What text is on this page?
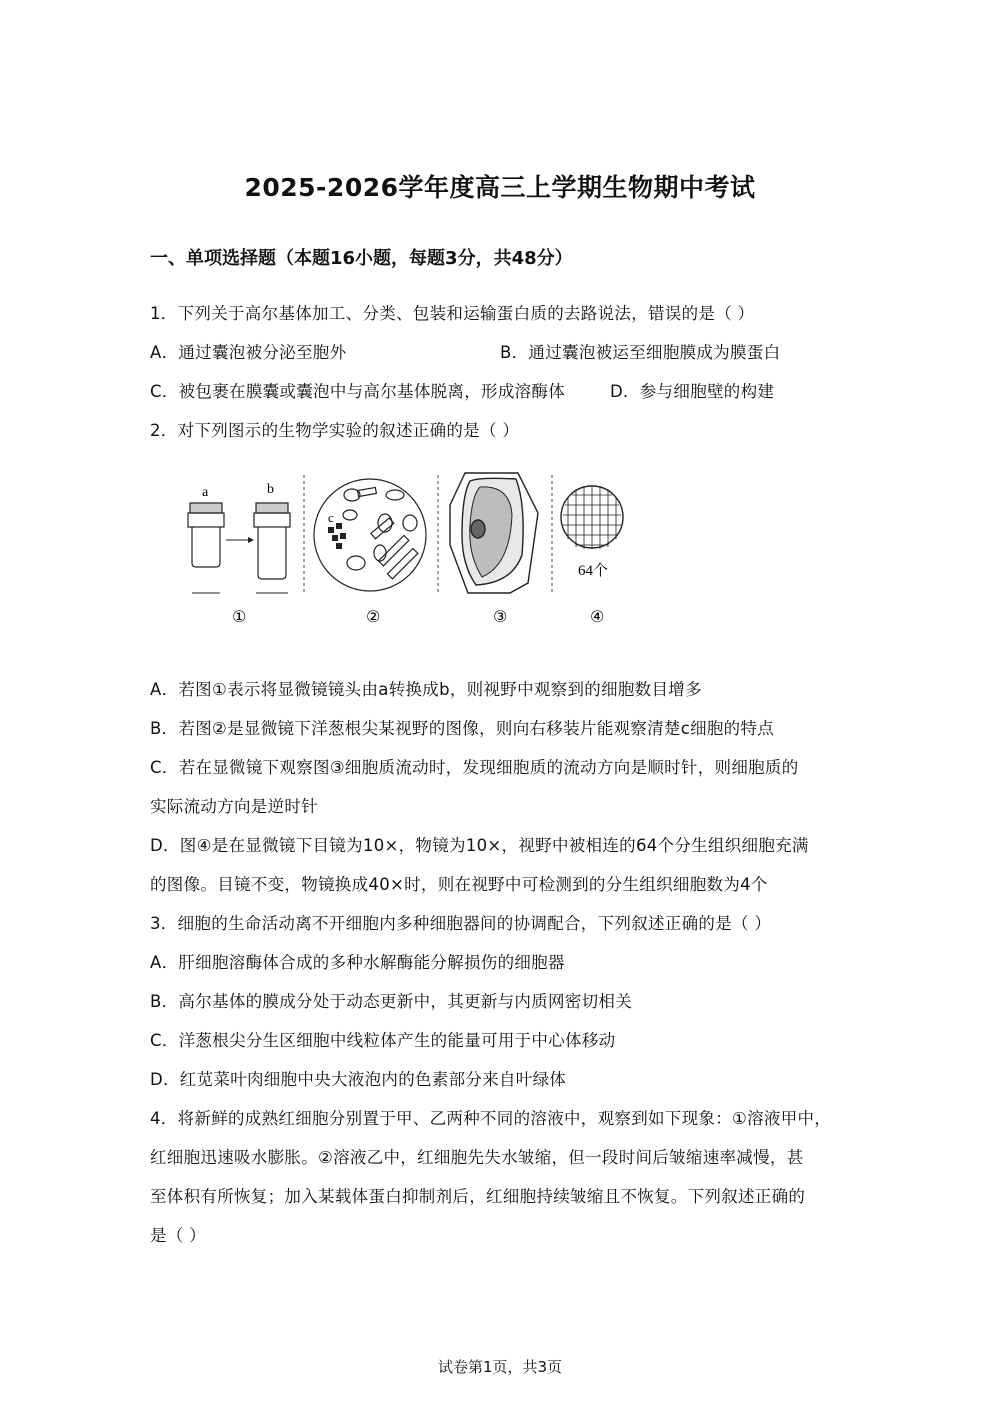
2025-2026学年度高三上学期生物期中考试
一、单项选择题（本题16小题，每题3分，共48分）
1．下列关于高尔基体加工、分类、包装和运输蛋白质的去路说法，错误的是（ ）
A．通过囊泡被分泌至胞外	B．通过囊泡被运至细胞膜成为膜蛋白
C．被包裹在膜囊或囊泡中与高尔基体脱离，形成溶酶体	D．参与细胞壁的构建
2．对下列图示的生物学实验的叙述正确的是（ ）
a	b
c
64个
①	②	③	④
A．若图①表示将显微镜镜头由a转换成b，则视野中观察到的细胞数目增多
B．若图②是显微镜下洋葱根尖某视野的图像，则向右移装片能观察清楚c细胞的特点
C．若在显微镜下观察图③细胞质流动时，发现细胞质的流动方向是顺时针，则细胞质的
实际流动方向是逆时针
D．图④是在显微镜下目镜为10×，物镜为10×，视野中被相连的64个分生组织细胞充满
的图像。目镜不变，物镜换成40×时，则在视野中可检测到的分生组织细胞数为4个
3．细胞的生命活动离不开细胞内多种细胞器间的协调配合，下列叙述正确的是（ ）
A．肝细胞溶酶体合成的多种水解酶能分解损伤的细胞器
B．高尔基体的膜成分处于动态更新中，其更新与内质网密切相关
C．洋葱根尖分生区细胞中线粒体产生的能量可用于中心体移动
D．红苋菜叶肉细胞中央大液泡内的色素部分来自叶绿体
4．将新鲜的成熟红细胞分别置于甲、乙两种不同的溶液中，观察到如下现象：①溶液甲中，
红细胞迅速吸水膨胀。②溶液乙中，红细胞先失水皱缩，但一段时间后皱缩速率减慢，甚
至体积有所恢复；加入某载体蛋白抑制剂后，红细胞持续皱缩且不恢复。下列叙述正确的
是（ ）
试卷第1页，共3页
